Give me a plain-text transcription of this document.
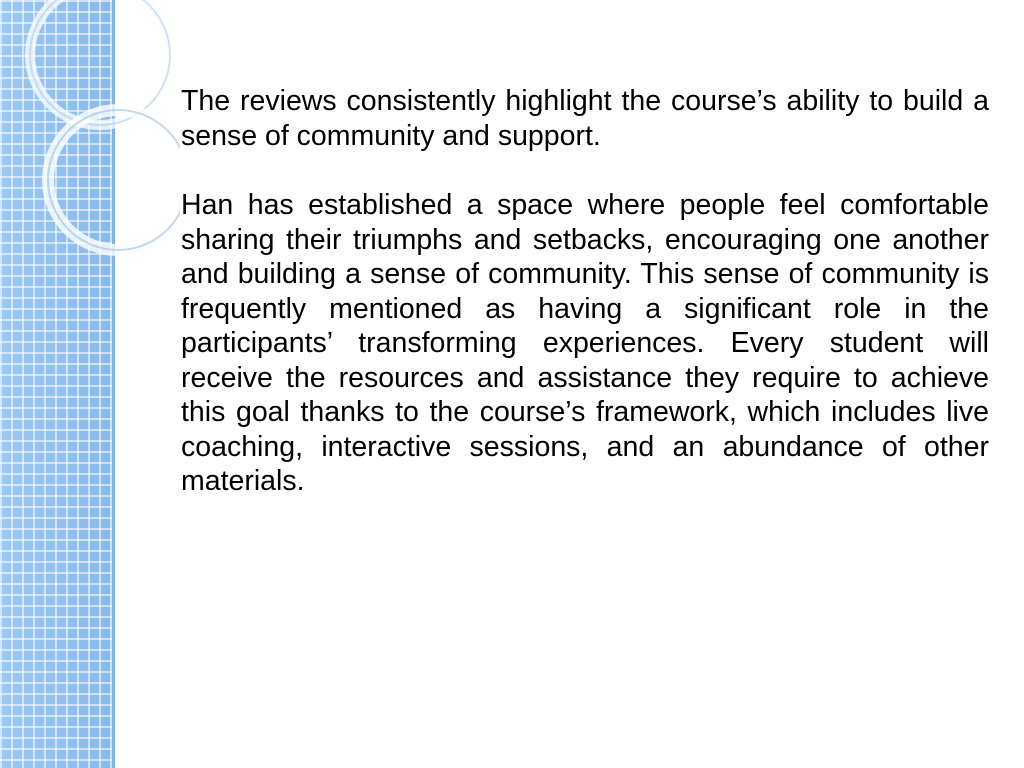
The reviews consistently highlight the course’s ability to build a sense of community and support.

Han has established a space where people feel comfortable sharing their triumphs and setbacks, encouraging one another and building a sense of community. This sense of community is frequently mentioned as having a significant role in the participants’ transforming experiences. Every student will receive the resources and assistance they require to achieve this goal thanks to the course’s framework, which includes live coaching, interactive sessions, and an abundance of other materials.
